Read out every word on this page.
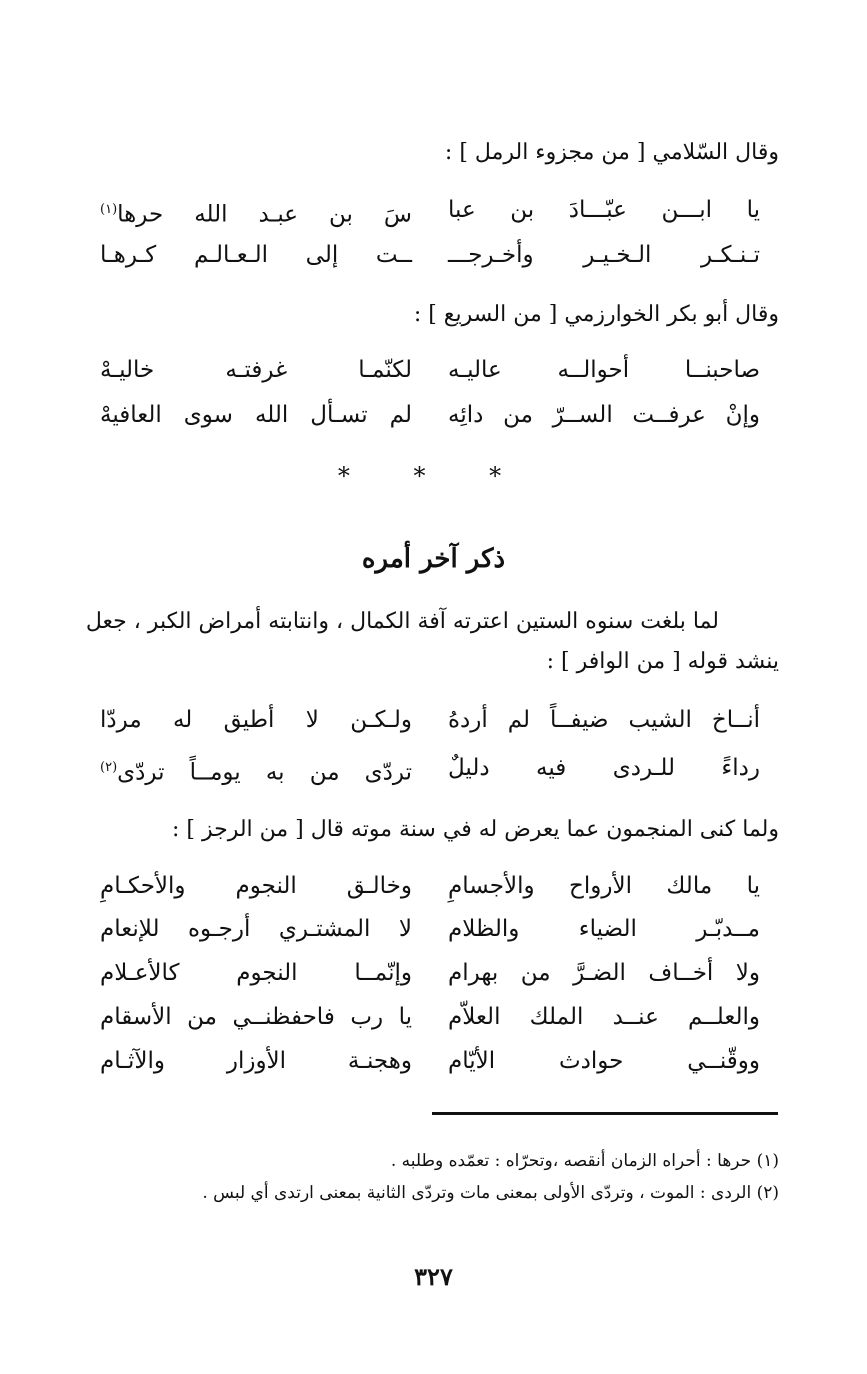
وقال السّلامي [ من مجزوء الرمل ] :
يا ابـــن عبّـــادَ بن عبا
سَ بن عبـد الله حرها$^{(١)}$
تـنـكـر الـخـيـر وأخـرجـــ
ــت إلى الـعـالـم كـرهـا
وقال أبو بكر الخوارزمي [ من السريع ] :
صاحبنــا أحوالــه عاليـه
لكنّمـا غرفتـه خاليـهْ
وإنْ عرفــت الســرّ من دائِه
لم تسـأل الله سوى العافيهْ
* * *
ذكر آخر أمره
لما بلغت سنوه الستين اعترته آفة الكمال ، وانتابته أمراض الكبر ، جعل
ينشد قوله [ من الوافر ] :
أنــاخ الشيب ضيفــاً لم أردهُ
ولـكـن لا أطيق له مردّا
رداءً للـردى فيه دليلٌ
تردّى من به يومــاً تردّى$^{(٢)}$
ولما كنى المنجمون عما يعرض له في سنة موته قال [ من الرجز ] :
يا مالك الأرواح والأجسامِ
وخالـق النجوم والأحكـامِ
مــدبّـر الضياء والظلام
لا المشتـري أرجـوه للإنعام
ولا أخــاف الضـرَّ من بهرام
وإنّمــا النجوم كالأعـلام
والعلــم عنــد الملك العلاّم
يا رب فاحفظنــي من الأسقام
ووقّنــي حوادث الأيّام
وهجنـة الأوزار والآثـام
(١) حرها : أحراه الزمان أنقصه ،وتحرّاه : تعمّده وطلبه .
(٢) الردى : الموت ، وتردّى الأولى بمعنى مات وتردّى الثانية بمعنى ارتدى أي لبس .
٣٢٧
